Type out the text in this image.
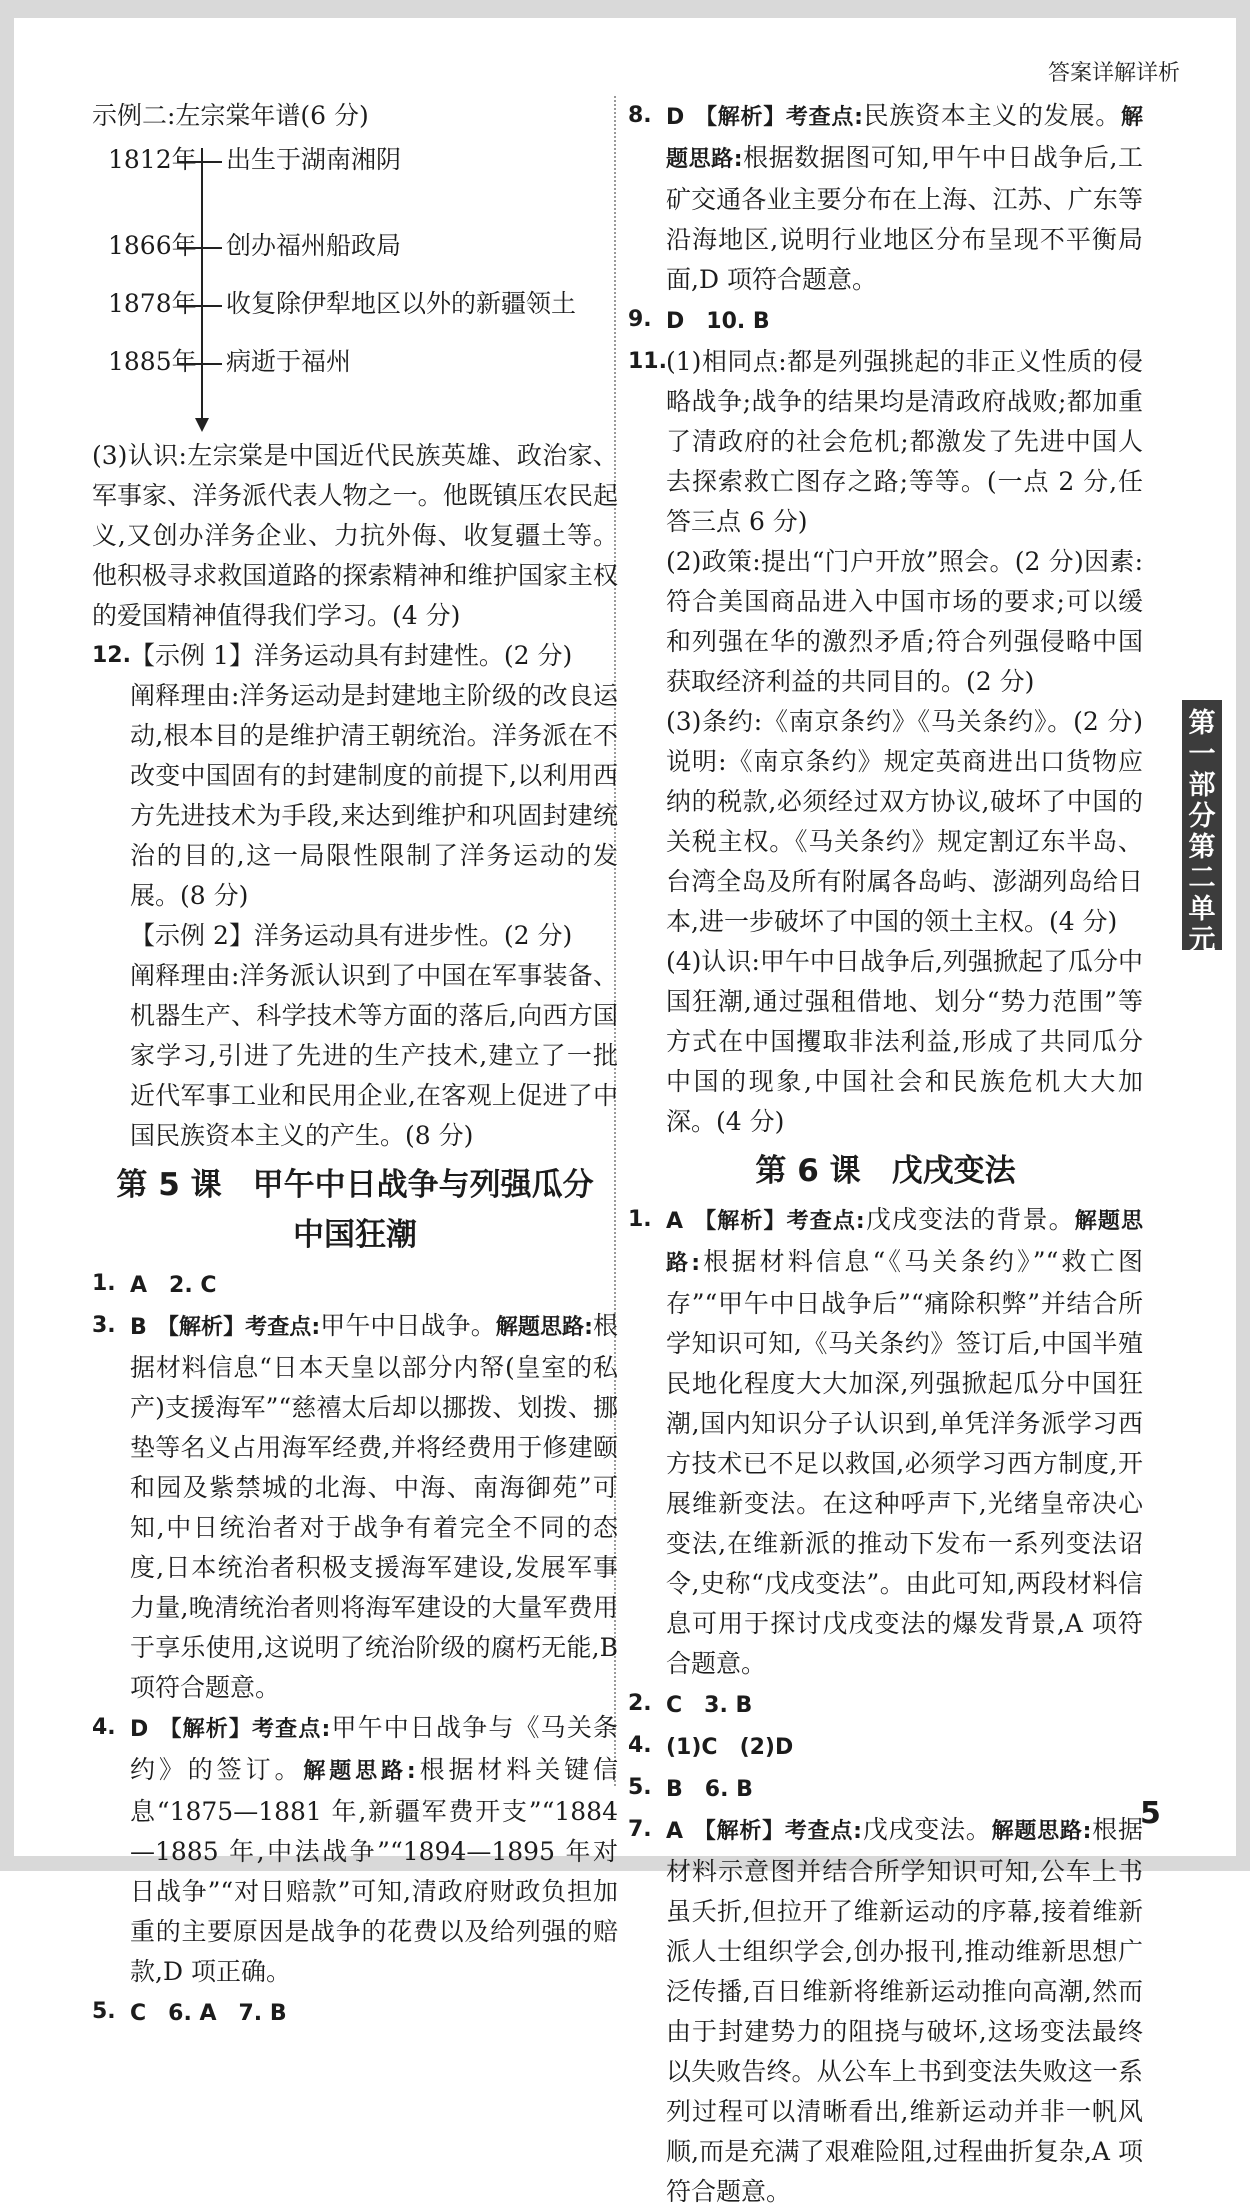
答案详解详析

示例二:左宗棠年谱(6 分)

1812年 出生于湖南湘阴
1866年 创办福州船政局
1878年 收复除伊犁地区以外的新疆领土
1885年 病逝于福州

(3)认识:左宗棠是中国近代民族英雄、政治家、军事家、洋务派代表人物之一。他既镇压农民起义,又创办洋务企业、力抗外侮、收复疆土等。他积极寻求救国道路的探索精神和维护国家主权的爱国精神值得我们学习。(4 分)

12. 【示例 1】洋务运动具有封建性。(2 分)

阐释理由:洋务运动是封建地主阶级的改良运动,根本目的是维护清王朝统治。洋务派在不改变中国固有的封建制度的前提下,以利用西方先进技术为手段,来达到维护和巩固封建统治的目的,这一局限性限制了洋务运动的发展。(8 分)

【示例 2】洋务运动具有进步性。(2 分)

阐释理由:洋务派认识到了中国在军事装备、机器生产、科学技术等方面的落后,向西方国家学习,引进了先进的生产技术,建立了一批近代军事工业和民用企业,在客观上促进了中国民族资本主义的产生。(8 分)

第 5 课　甲午中日战争与列强瓜分
中国狂潮
1. A　2. C

3. B 【解析】考查点:甲午中日战争。解题思路:根据材料信息“日本天皇以部分内帑(皇室的私产)支援海军”“慈禧太后却以挪拨、划拨、挪垫等名义占用海军经费,并将经费用于修建颐和园及紫禁城的北海、中海、南海御苑”可知,中日统治者对于战争有着完全不同的态度,日本统治者积极支援海军建设,发展军事力量,晚清统治者则将海军建设的大量军费用于享乐使用,这说明了统治阶级的腐朽无能,B 项符合题意。

4. D 【解析】考查点:甲午中日战争与《马关条约》的签订。解题思路:根据材料关键信息“1875—1881 年,新疆军费开支”“1884—1885 年,中法战争”“1894—1895 年对日战争”“对日赔款”可知,清政府财政负担加重的主要原因是战争的花费以及给列强的赔款,D 项正确。

5. C　6. A　7. B

8. D 【解析】考查点:民族资本主义的发展。解题思路:根据数据图可知,甲午中日战争后,工矿交通各业主要分布在上海、江苏、广东等沿海地区,说明行业地区分布呈现不平衡局面,D 项符合题意。

9. D　10. B

11. (1)相同点:都是列强挑起的非正义性质的侵略战争;战争的结果均是清政府战败;都加重了清政府的社会危机;都激发了先进中国人去探索救亡图存之路;等等。(一点 2 分,任答三点 6 分)

(2)政策:提出“门户开放”照会。(2 分)因素:符合美国商品进入中国市场的要求;可以缓和列强在华的激烈矛盾;符合列强侵略中国获取经济利益的共同目的。(2 分)

(3)条约:《南京条约》《马关条约》。(2 分)说明:《南京条约》规定英商进出口货物应纳的税款,必须经过双方协议,破坏了中国的关税主权。《马关条约》规定割辽东半岛、台湾全岛及所有附属各岛屿、澎湖列岛给日本,进一步破坏了中国的领土主权。(4 分)

(4)认识:甲午中日战争后,列强掀起了瓜分中国狂潮,通过强租借地、划分“势力范围”等方式在中国攫取非法利益,形成了共同瓜分中国的现象,中国社会和民族危机大大加深。(4 分)

第 6 课　戊戌变法
1. A 【解析】考查点:戊戌变法的背景。解题思路:根据材料信息“《马关条约》”“救亡图存”“甲午中日战争后”“痛除积弊”并结合所学知识可知,《马关条约》签订后,中国半殖民地化程度大大加深,列强掀起瓜分中国狂潮,国内知识分子认识到,单凭洋务派学习西方技术已不足以救国,必须学习西方制度,开展维新变法。在这种呼声下,光绪皇帝决心变法,在维新派的推动下发布一系列变法诏令,史称“戊戌变法”。由此可知,两段材料信息可用于探讨戊戌变法的爆发背景,A 项符合题意。

2. C　3. B

4. (1)C　(2)D

5. B　6. B

7. A 【解析】考查点:戊戌变法。解题思路:根据材料示意图并结合所学知识可知,公车上书虽夭折,但拉开了维新运动的序幕,接着维新派人士组织学会,创办报刊,推动维新思想广泛传播,百日维新将维新运动推向高潮,然而由于封建势力的阻挠与破坏,这场变法最终以失败告终。从公车上书到变法失败这一系列过程可以清晰看出,维新运动并非一帆风顺,而是充满了艰难险阻,过程曲折复杂,A 项符合题意。

第
一
部
分
第
二
单
元
5
